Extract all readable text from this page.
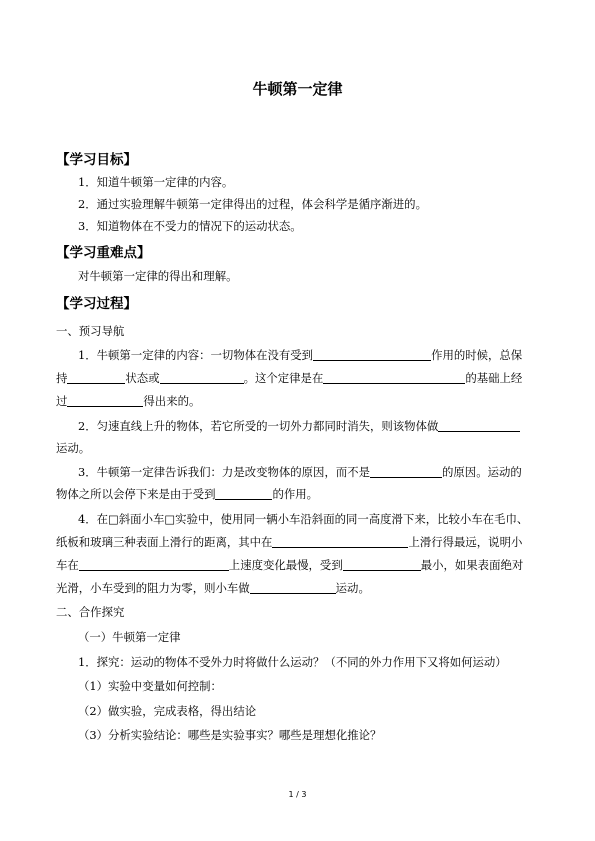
牛顿第一定律
【学习目标】
1．知道牛顿第一定律的内容。
2．通过实验理解牛顿第一定律得出的过程，体会科学是循序渐进的。
3．知道物体在不受力的情况下的运动状态。
【学习重难点】
对牛顿第一定律的得出和理解。
【学习过程】
一、预习导航
1．牛顿第一定律的内容：一切物体在没有受到	作用的时候，总保
持	状态或	。这个定律是在	的基础上经
过	得出来的。
2．匀速直线上升的物体，若它所受的一切外力都同时消失，则该物体做
运动。
3．牛顿第一定律告诉我们：力是改变物体的原因，而不是	的原因。运动的
物体之所以会停下来是由于受到	的作用。
4．在□斜面小车□实验中，使用同一辆小车沿斜面的同一高度滑下来，比较小车在毛巾、
纸板和玻璃三种表面上滑行的距离，其中在	上滑行得最远，说明小
车在	上速度变化最慢，受到	最小，如果表面绝对
光滑，小车受到的阻力为零，则小车做	运动。
二、合作探究
（一）牛顿第一定律
1．探究：运动的物体不受外力时将做什么运动？（不同的外力作用下又将如何运动）
（1）实验中变量如何控制：
（2）做实验，完成表格，得出结论
（3）分析实验结论：哪些是实验事实？哪些是理想化推论？
1 / 3
